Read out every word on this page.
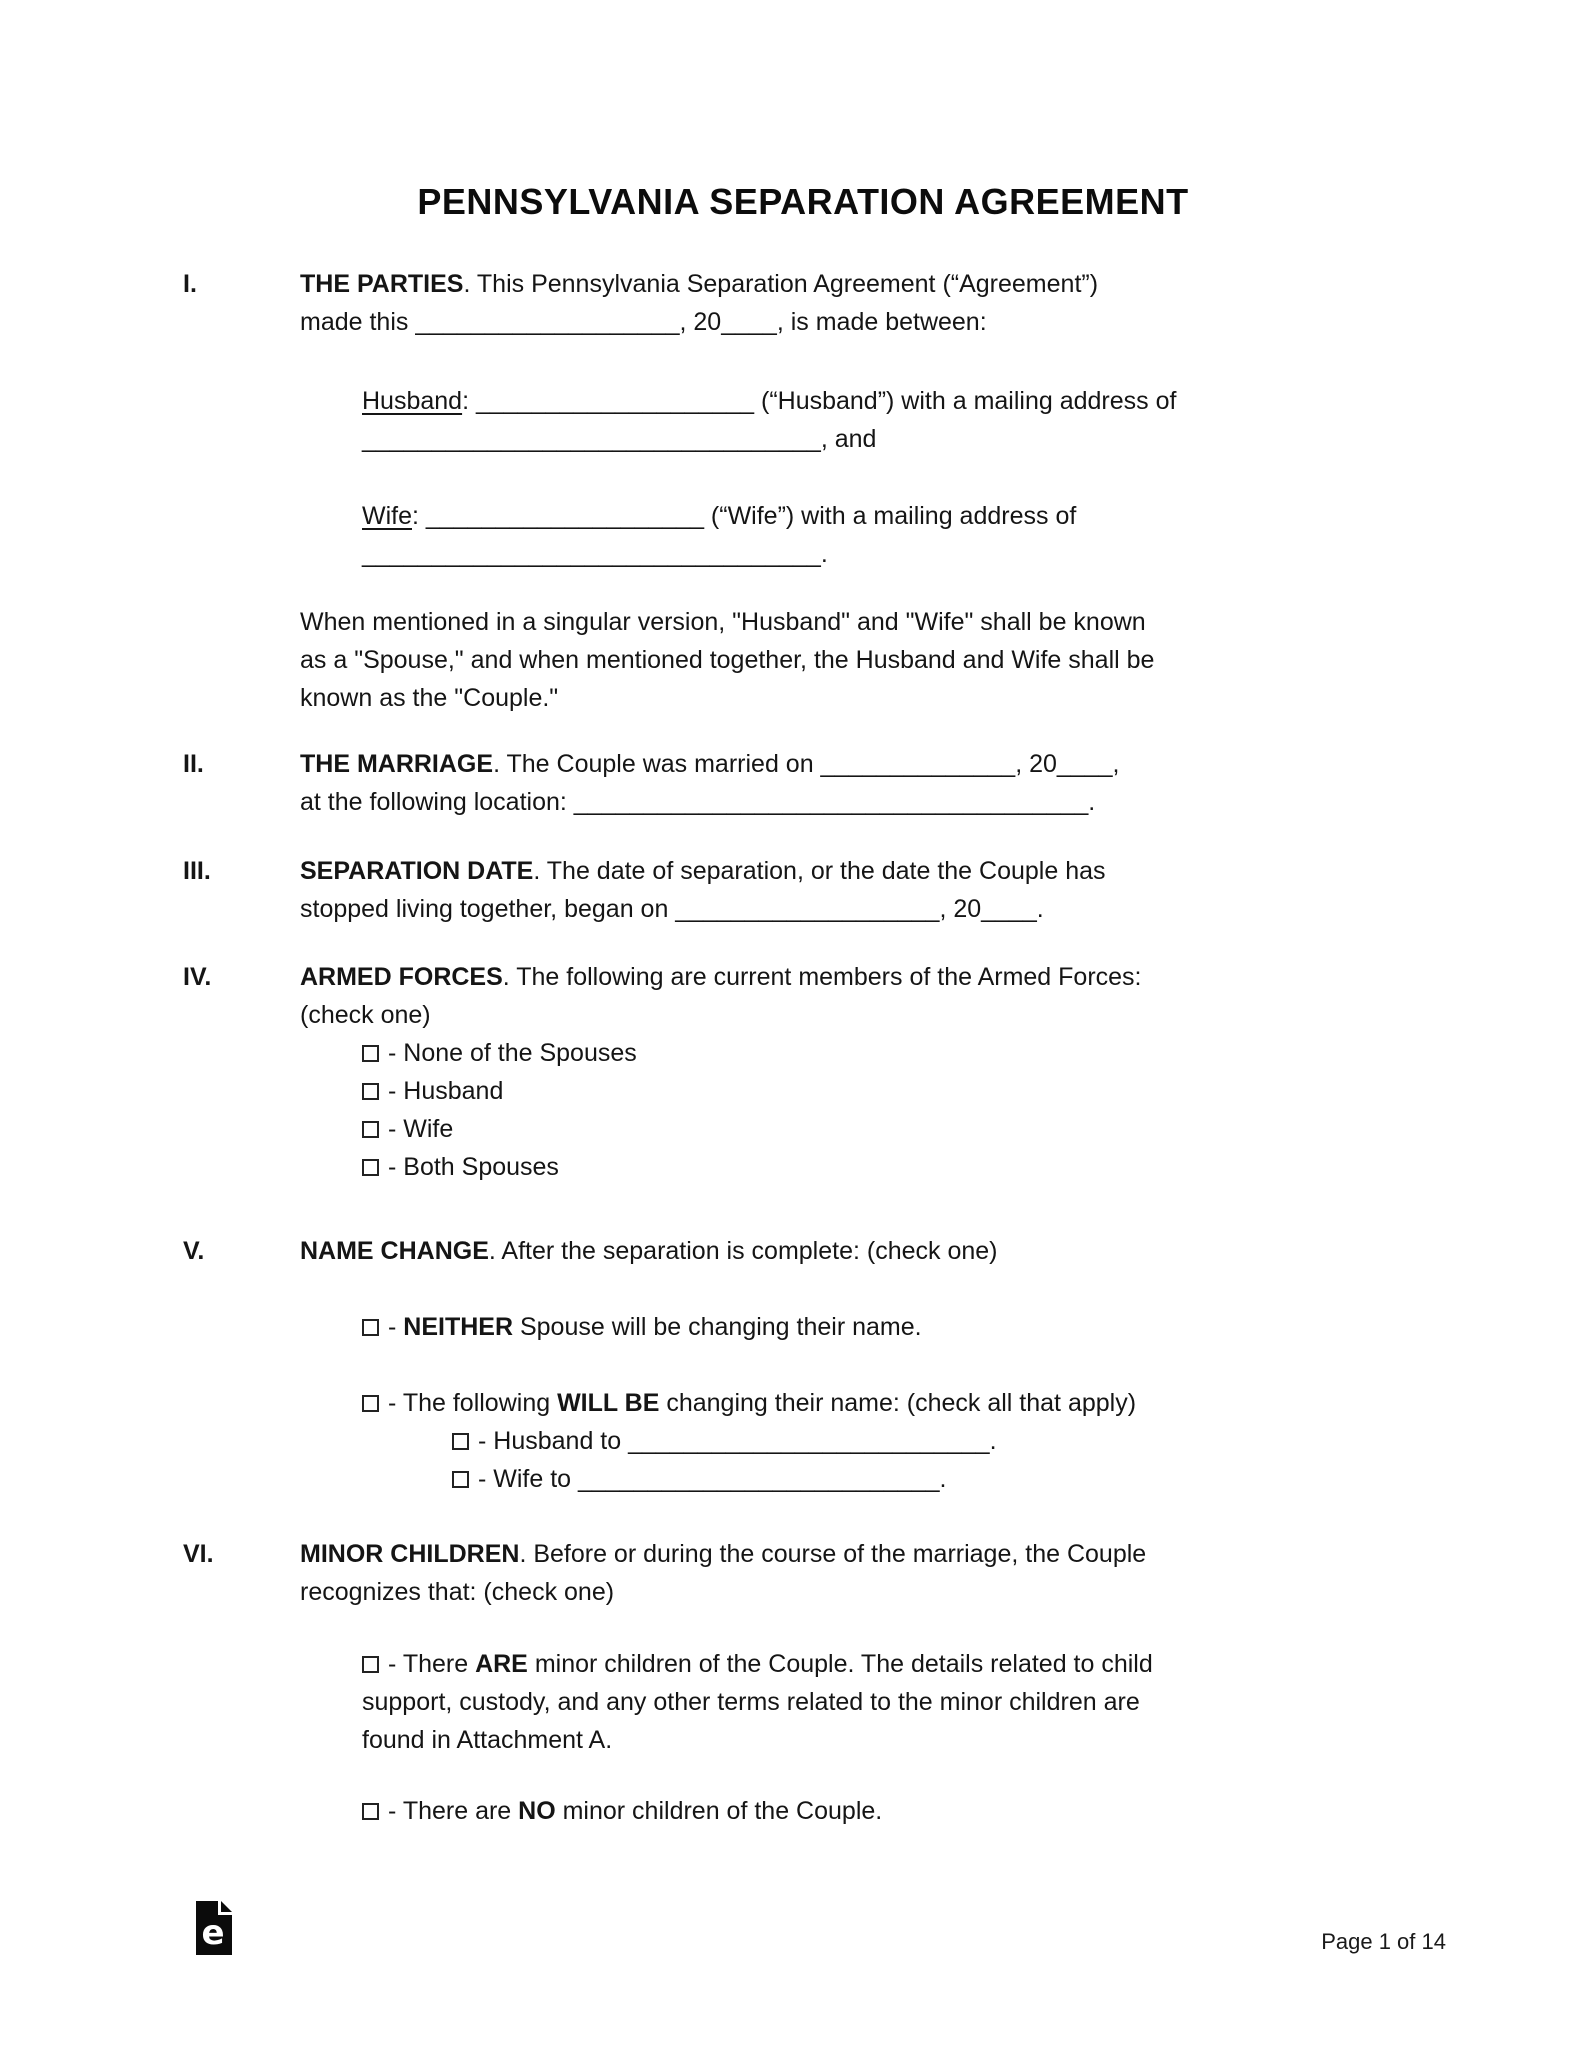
PENNSYLVANIA SEPARATION AGREEMENT
I.	THE PARTIES. This Pennsylvania Separation Agreement (“Agreement”)
made this ___________________, 20____, is made between:
Husband: ____________________ (“Husband”) with a mailing address of
_________________________________, and
Wife: ____________________ (“Wife”) with a mailing address of
_________________________________.
When mentioned in a singular version, "Husband" and "Wife" shall be known
as a "Spouse," and when mentioned together, the Husband and Wife shall be
known as the "Couple."
II.	THE MARRIAGE. The Couple was married on ______________, 20____,
at the following location: _____________________________________.
III.	SEPARATION DATE. The date of separation, or the date the Couple has
stopped living together, began on ___________________, 20____.
IV.	ARMED FORCES. The following are current members of the Armed Forces:
(check one)
- None of the Spouses
- Husband
- Wife
- Both Spouses
V.	NAME CHANGE. After the separation is complete: (check one)
- NEITHER Spouse will be changing their name.
- The following WILL BE changing their name: (check all that apply)
- Husband to __________________________.
- Wife to __________________________.
VI.	MINOR CHILDREN. Before or during the course of the marriage, the Couple
recognizes that: (check one)
- There ARE minor children of the Couple. The details related to child
support, custody, and any other terms related to the minor children are
found in Attachment A.
- There are NO minor children of the Couple.
e	Page 1 of 14
